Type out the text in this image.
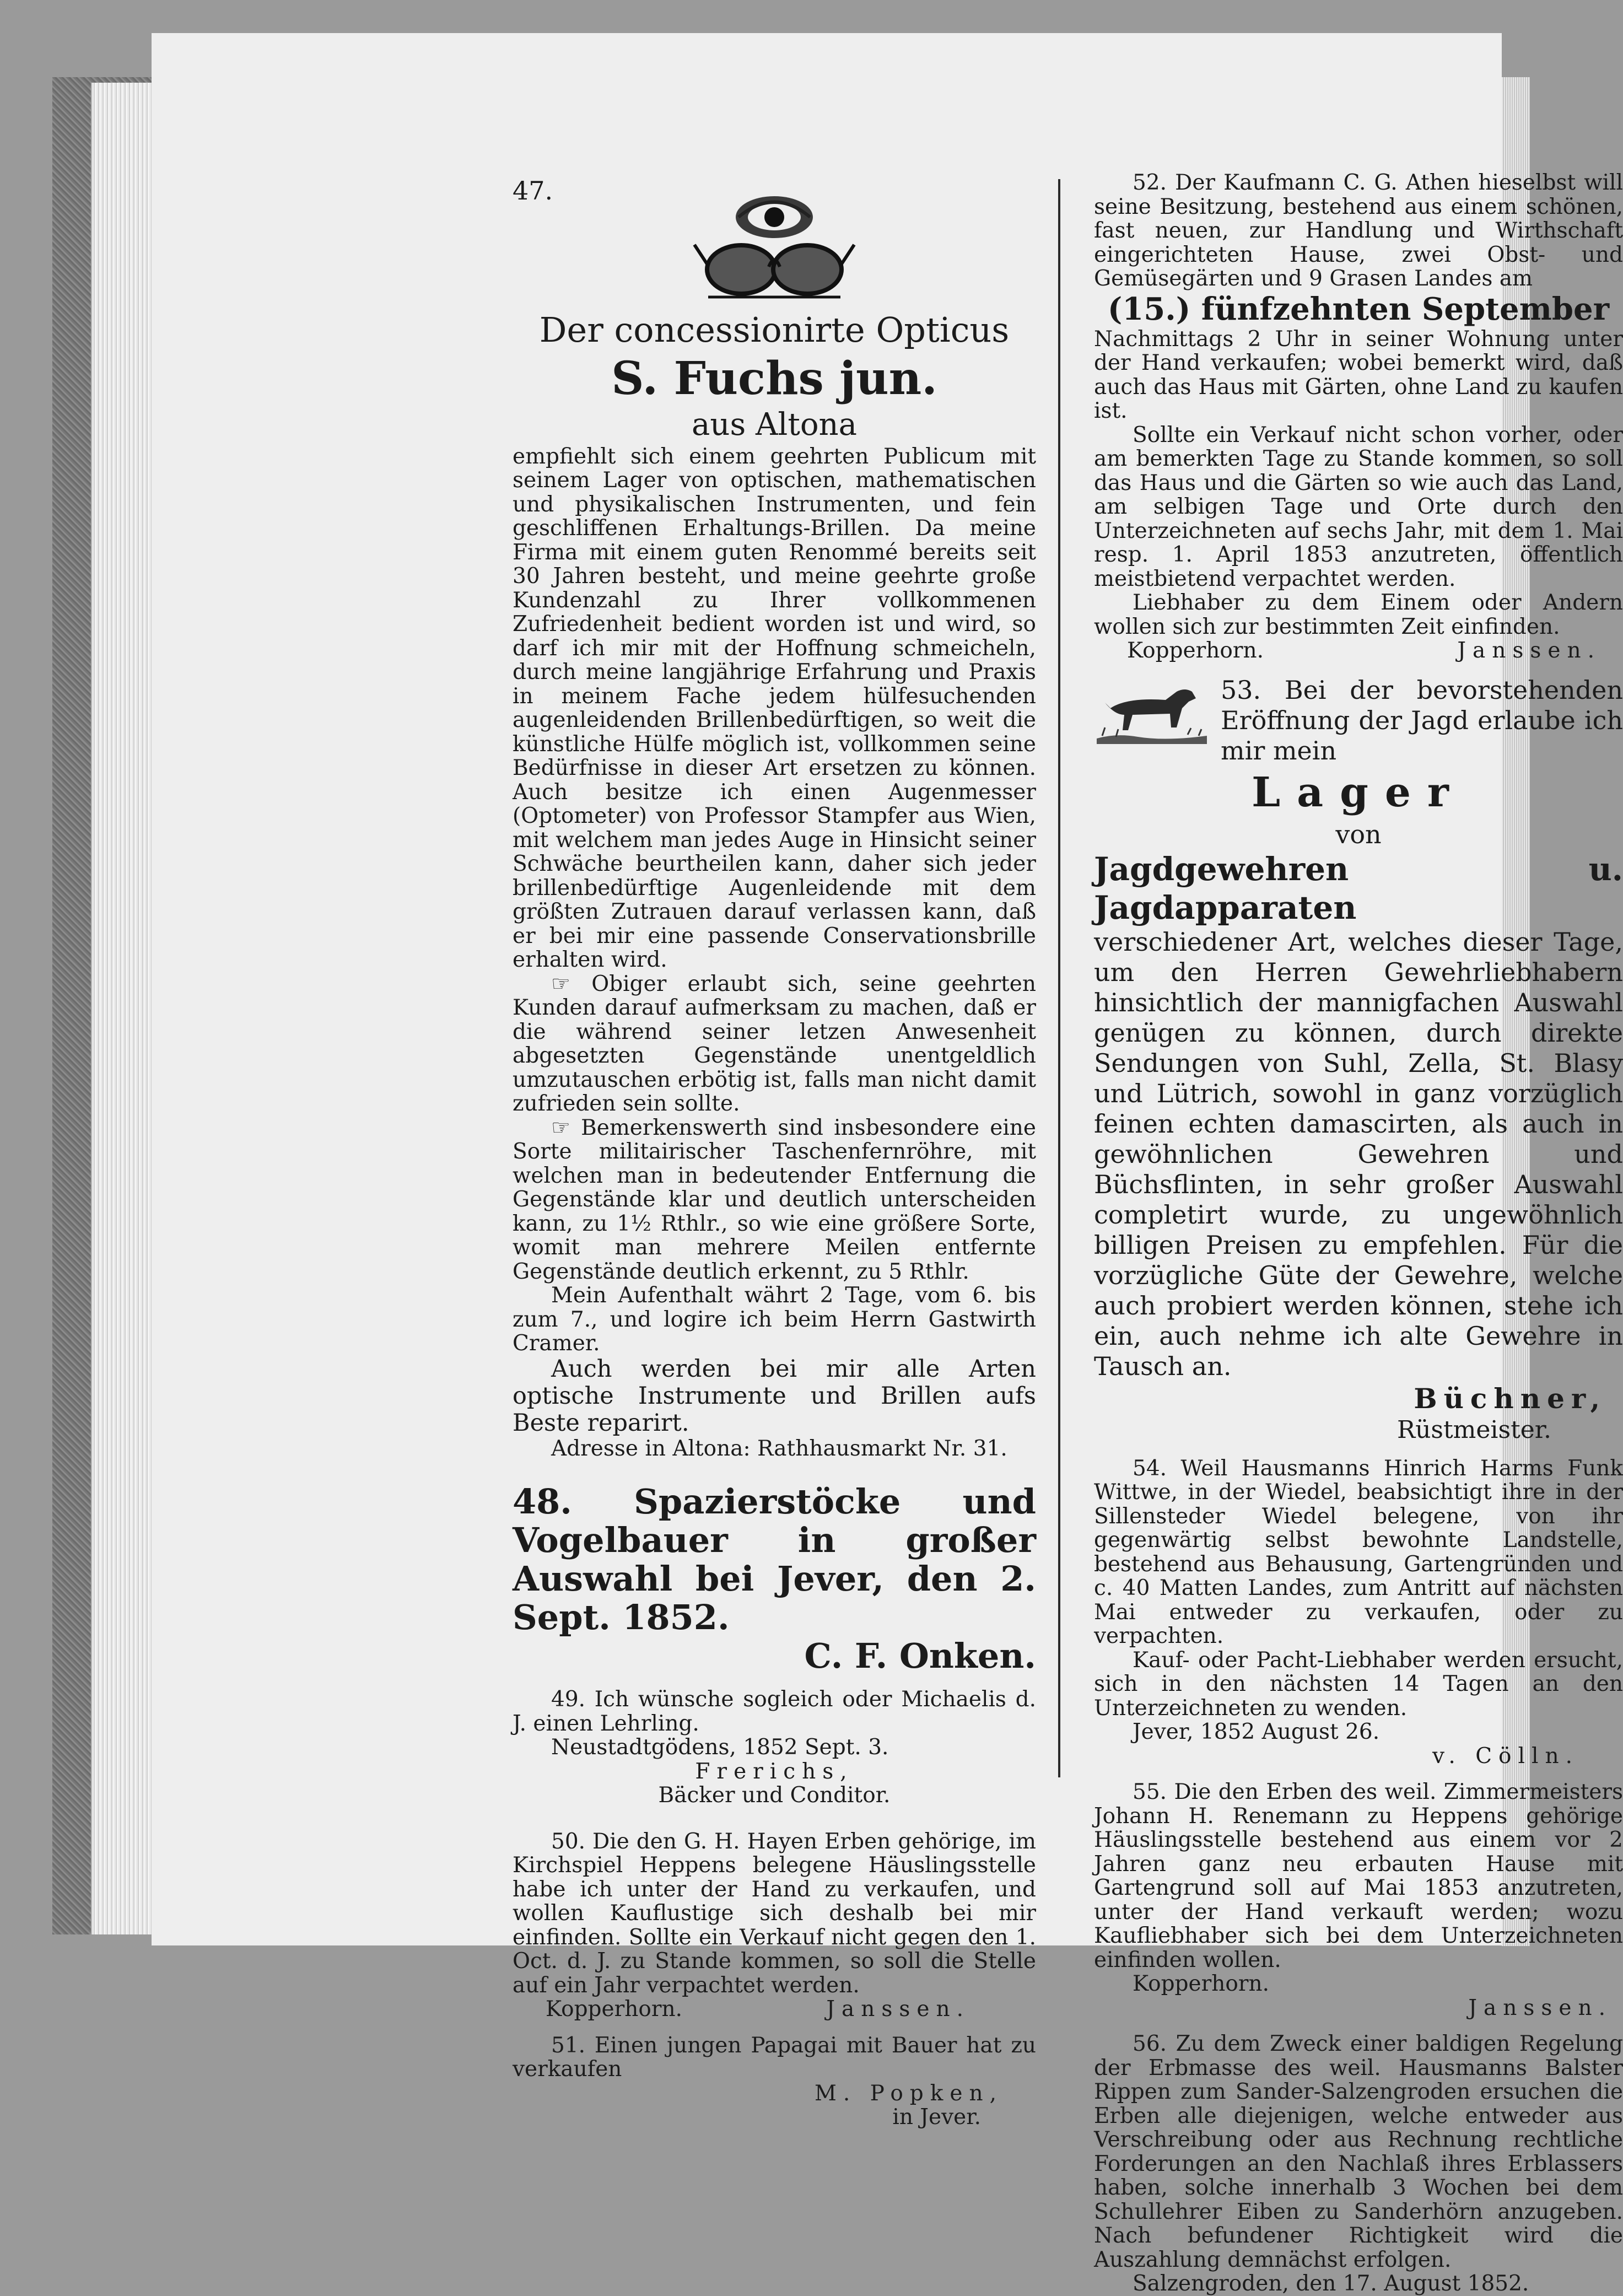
47.
Der concessionirte Opticus
S. Fuchs jun.
aus Altona

empfiehlt sich einem geehrten Publicum mit seinem Lager von optischen, mathematischen und physikalischen Instrumenten, und fein geschliffenen Erhaltungs-Brillen. Da meine Firma mit einem guten Renommé bereits seit 30 Jahren besteht, und meine geehrte große Kundenzahl zu Ihrer vollkommenen Zufriedenheit bedient worden ist und wird, so darf ich mir mit der Hoffnung schmeicheln, durch meine langjährige Erfahrung und Praxis in meinem Fache jedem hülfesuchenden augenleidenden Brillenbedürftigen, so weit die künstliche Hülfe möglich ist, vollkommen seine Bedürfnisse in dieser Art ersetzen zu können. Auch besitze ich einen Augenmesser (Optometer) von Professor Stampfer aus Wien, mit welchem man jedes Auge in Hinsicht seiner Schwäche beurtheilen kann, daher sich jeder brillenbedürftige Augenleidende mit dem größten Zutrauen darauf verlassen kann, daß er bei mir eine passende Conservationsbrille erhalten wird.

☞ Obiger erlaubt sich, seine geehrten Kunden darauf aufmerksam zu machen, daß er die während seiner letzen Anwesenheit abgesetzten Gegenstände unentgeldlich umzutauschen erbötig ist, falls man nicht damit zufrieden sein sollte.

☞ Bemerkenswerth sind insbesondere eine Sorte militairischer Taschenfernröhre, mit welchen man in bedeutender Entfernung die Gegenstände klar und deutlich unterscheiden kann, zu 1½ Rthlr., so wie eine größere Sorte, womit man mehrere Meilen entfernte Gegenstände deutlich erkennt, zu 5 Rthlr.

Mein Aufenthalt währt 2 Tage, vom 6. bis zum 7., und logire ich beim Herrn Gastwirth Cramer.

Auch werden bei mir alle Arten optische Instrumente und Brillen aufs Beste reparirt.

Adresse in Altona: Rathhausmarkt Nr. 31.

48. Spazierstöcke und Vogelbauer in großer Auswahl bei Jever, den 2. Sept. 1852.

C. F. Onken.

49. Ich wünsche sogleich oder Michaelis d. J. einen Lehrling.

Neustadtgödens, 1852 Sept. 3.

Frerichs,
Bäcker und Conditor.

50. Die den G. H. Hayen Erben gehörige, im Kirchspiel Heppens belegene Häuslingsstelle habe ich unter der Hand zu verkaufen, und wollen Kauflustige sich deshalb bei mir einfinden. Sollte ein Verkauf nicht gegen den 1. Oct. d. J. zu Stande kommen, so soll die Stelle auf ein Jahr verpachtet werden.

Kopperhorn.	Janssen.

51. Einen jungen Papagai mit Bauer hat zu verkaufen

M. Popken,
in Jever.

52. Der Kaufmann C. G. Athen hieselbst will seine Besitzung, bestehend aus einem schönen, fast neuen, zur Handlung und Wirthschaft eingerichteten Hause, zwei Obst- und Gemüsegärten und 9 Grasen Landes am

(15.) fünfzehnten September

Nachmittags 2 Uhr in seiner Wohnung unter der Hand verkaufen; wobei bemerkt wird, daß auch das Haus mit Gärten, ohne Land zu kaufen ist.

Sollte ein Verkauf nicht schon vorher, oder am bemerkten Tage zu Stande kommen, so soll das Haus und die Gärten so wie auch das Land, am selbigen Tage und Orte durch den Unterzeichneten auf sechs Jahr, mit dem 1. Mai resp. 1. April 1853 anzutreten, öffentlich meistbietend verpachtet werden.

Liebhaber zu dem Einem oder Andern wollen sich zur bestimmten Zeit einfinden.

Kopperhorn.	Janssen.

53. Bei der bevorstehenden Eröffnung der Jagd erlaube ich mir mein

Lager
von
Jagdgewehren u. Jagdapparaten

verschiedener Art, welches dieser Tage, um den Herren Gewehrliebhabern hinsichtlich der mannigfachen Auswahl genügen zu können, durch direkte Sendungen von Suhl, Zella, St. Blasy und Lütrich, sowohl in ganz vorzüglich feinen echten damascirten, als auch in gewöhnlichen Gewehren und Büchsflinten, in sehr großer Auswahl completirt wurde, zu ungewöhnlich billigen Preisen zu empfehlen. Für die vorzügliche Güte der Gewehre, welche auch probiert werden können, stehe ich ein, auch nehme ich alte Gewehre in Tausch an.

Büchner,
Rüstmeister.

54. Weil Hausmanns Hinrich Harms Funk Wittwe, in der Wiedel, beabsichtigt ihre in der Sillensteder Wiedel belegene, von ihr gegenwärtig selbst bewohnte Landstelle, bestehend aus Behausung, Gartengründen und c. 40 Matten Landes, zum Antritt auf nächsten Mai entweder zu verkaufen, oder zu verpachten.

Kauf- oder Pacht-Liebhaber werden ersucht, sich in den nächsten 14 Tagen an den Unterzeichneten zu wenden.

Jever, 1852 August 26.

v. Cölln.

55. Die den Erben des weil. Zimmermeisters Johann H. Renemann zu Heppens gehörige Häuslingsstelle bestehend aus einem vor 2 Jahren ganz neu erbauten Hause mit Gartengrund soll auf Mai 1853 anzutreten, unter der Hand verkauft werden; wozu Kaufliebhaber sich bei dem Unterzeichneten einfinden wollen.

Kopperhorn.

Janssen.

56. Zu dem Zweck einer baldigen Regelung der Erbmasse des weil. Hausmanns Balster Rippen zum Sander-Salzengroden ersuchen die Erben alle diejenigen, welche entweder aus Verschreibung oder aus Rechnung rechtliche Forderungen an den Nachlaß ihres Erblassers haben, solche innerhalb 3 Wochen bei dem Schullehrer Eiben zu Sanderhörn anzugeben. Nach befundener Richtigkeit wird die Auszahlung demnächst erfolgen.

Salzengroden, den 17. August 1852.
